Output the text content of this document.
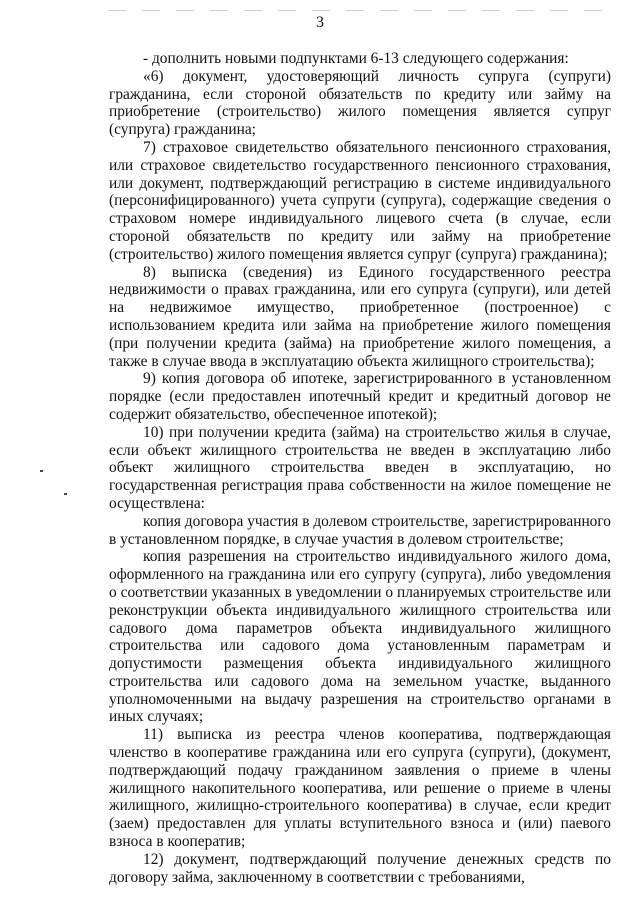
3

- дополнить новыми подпунктами 6-13 следующего содержания:

«6) документ, удостоверяющий личность супруга (супруги) гражданина, если стороной обязательств по кредиту или займу на приобретение (строительство) жилого помещения является супруг (супруга) гражданина;

7) страховое свидетельство обязательного пенсионного страхования, или страховое свидетельство государственного пенсионного страхования, или документ, подтверждающий регистрацию в системе индивидуального (персонифицированного) учета супруги (супруга), содержащие сведения о страховом номере индивидуального лицевого счета (в случае, если стороной обязательств по кредиту или займу на приобретение (строительство) жилого помещения является супруг (супруга) гражданина);

8) выписка (сведения) из Единого государственного реестра недвижимости о правах гражданина, или его супруга (супруги), или детей на недвижимое имущество, приобретенное (построенное) с использованием кредита или займа на приобретение жилого помещения (при получении кредита (займа) на приобретение жилого помещения, а также в случае ввода в эксплуатацию объекта жилищного строительства);

9) копия договора об ипотеке, зарегистрированного в установленном порядке (если предоставлен ипотечный кредит и кредитный договор не содержит обязательство, обеспеченное ипотекой);

10) при получении кредита (займа) на строительство жилья в случае, если объект жилищного строительства не введен в эксплуатацию либо объект жилищного строительства введен в эксплуатацию, но государственная регистрация права собственности на жилое помещение не осуществлена:

копия договора участия в долевом строительстве, зарегистрированного в установленном порядке, в случае участия в долевом строительстве;

копия разрешения на строительство индивидуального жилого дома, оформленного на гражданина или его супругу (супруга), либо уведомления о соответствии указанных в уведомлении о планируемых строительстве или реконструкции объекта индивидуального жилищного строительства или садового дома параметров объекта индивидуального жилищного строительства или садового дома установленным параметрам и допустимости размещения объекта индивидуального жилищного строительства или садового дома на земельном участке, выданного уполномоченными на выдачу разрешения на строительство органами в иных случаях;

11) выписка из реестра членов кооператива, подтверждающая членство в кооперативе гражданина или его супруга (супруги), (документ, подтверждающий подачу гражданином заявления о приеме в члены жилищного накопительного кооператива, или решение о приеме в члены жилищного, жилищно-строительного кооператива) в случае, если кредит (заем) предоставлен для уплаты вступительного взноса и (или) паевого взноса в кооператив;

12) документ, подтверждающий получение денежных средств по договору займа, заключенному в соответствии с требованиями,
